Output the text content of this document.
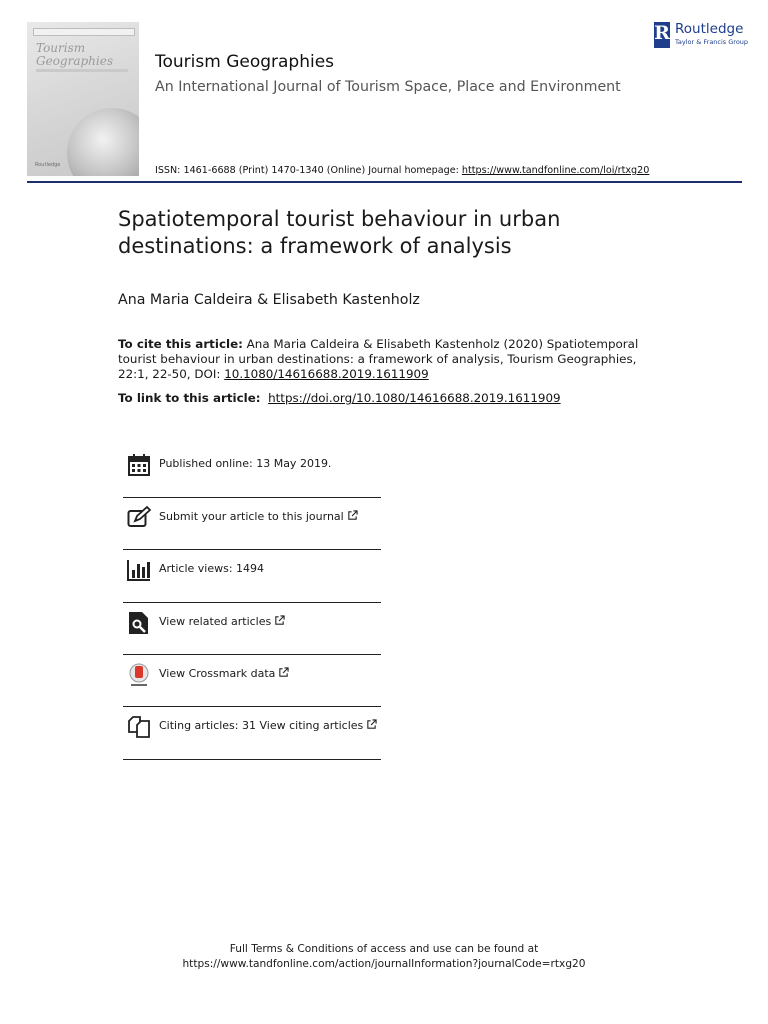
Tourism
Geographies
Routledge
Tourism Geographies
An International Journal of Tourism Space, Place and Environment
ISSN: 1461-6688 (Print) 1470-1340 (Online) Journal homepage: https://www.tandfonline.com/loi/rtxg20
R Routledge
Taylor & Francis Group
Spatiotemporal tourist behaviour in urban destinations: a framework of analysis
Ana Maria Caldeira & Elisabeth Kastenholz
To cite this article: Ana Maria Caldeira & Elisabeth Kastenholz (2020) Spatiotemporal tourist behaviour in urban destinations: a framework of analysis, Tourism Geographies, 22:1, 22-50, DOI: 10.1080/14616688.2019.1611909
To link to this article: https://doi.org/10.1080/14616688.2019.1611909
Published online: 13 May 2019.
Submit your article to this journal
Article views: 1494
View related articles
View Crossmark data
Citing articles: 31 View citing articles
Full Terms & Conditions of access and use can be found at
https://www.tandfonline.com/action/journalInformation?journalCode=rtxg20
